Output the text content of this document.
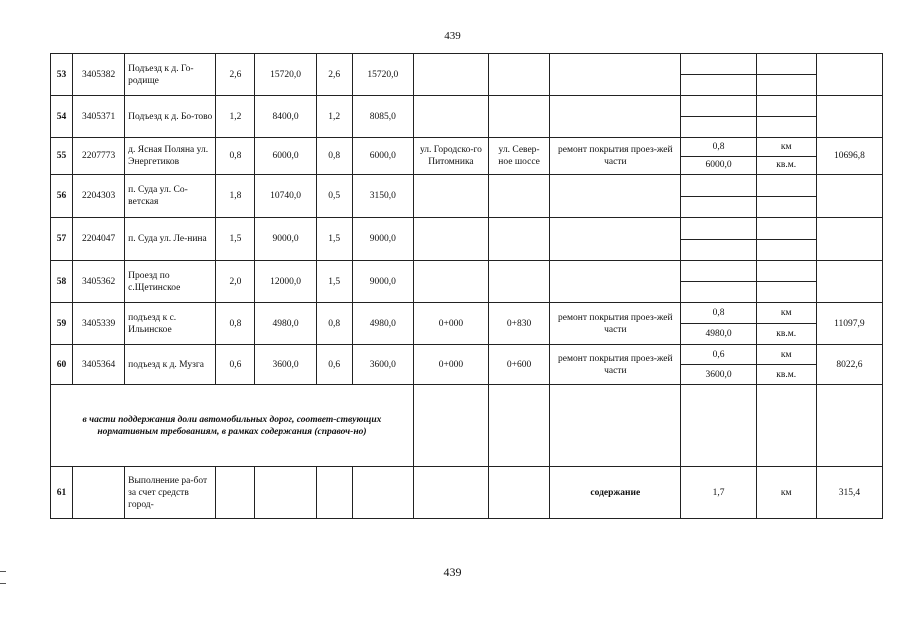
439
53	3405382	Подъезд к д. Го-родище	2,6	15720,0	2,6	15720,0						

54	3405371	Подъезд к д. Бо-тово	1,2	8400,0	1,2	8085,0						

55	2207773	д. Ясная Поляна ул. Энергетиков	0,8	6000,0	0,8	6000,0	ул. Городско-го Питомника	ул. Север-ное шоссе	ремонт покрытия проез-жей части	0,8	км	10696,8
										6000,0	кв.м.	
56	2204303	п. Суда ул. Со-ветская	1,8	10740,0	0,5	3150,0						

57	2204047	п. Суда ул. Ле-нина	1,5	9000,0	1,5	9000,0						

58	3405362	Проезд по с.Щетинское	2,0	12000,0	1,5	9000,0						

59	3405339	подъезд к с. Ильинское	0,8	4980,0	0,8	4980,0	0+000	0+830	ремонт покрытия проез-жей части	0,8	км	11097,9
										4980,0	кв.м.	
60	3405364	подъезд к д. Музга	0,6	3600,0	0,6	3600,0	0+000	0+600	ремонт покрытия проез-жей части	0,6	км	8022,6
										3600,0	кв.м.	
в части поддержания доли автомобильных дорог, соответ-ствующих нормативным требованиям, в рамках содержания (справоч-но)												
61		Выполнение ра-бот за счет средств город-							содержание	1,7	км	315,4
439
